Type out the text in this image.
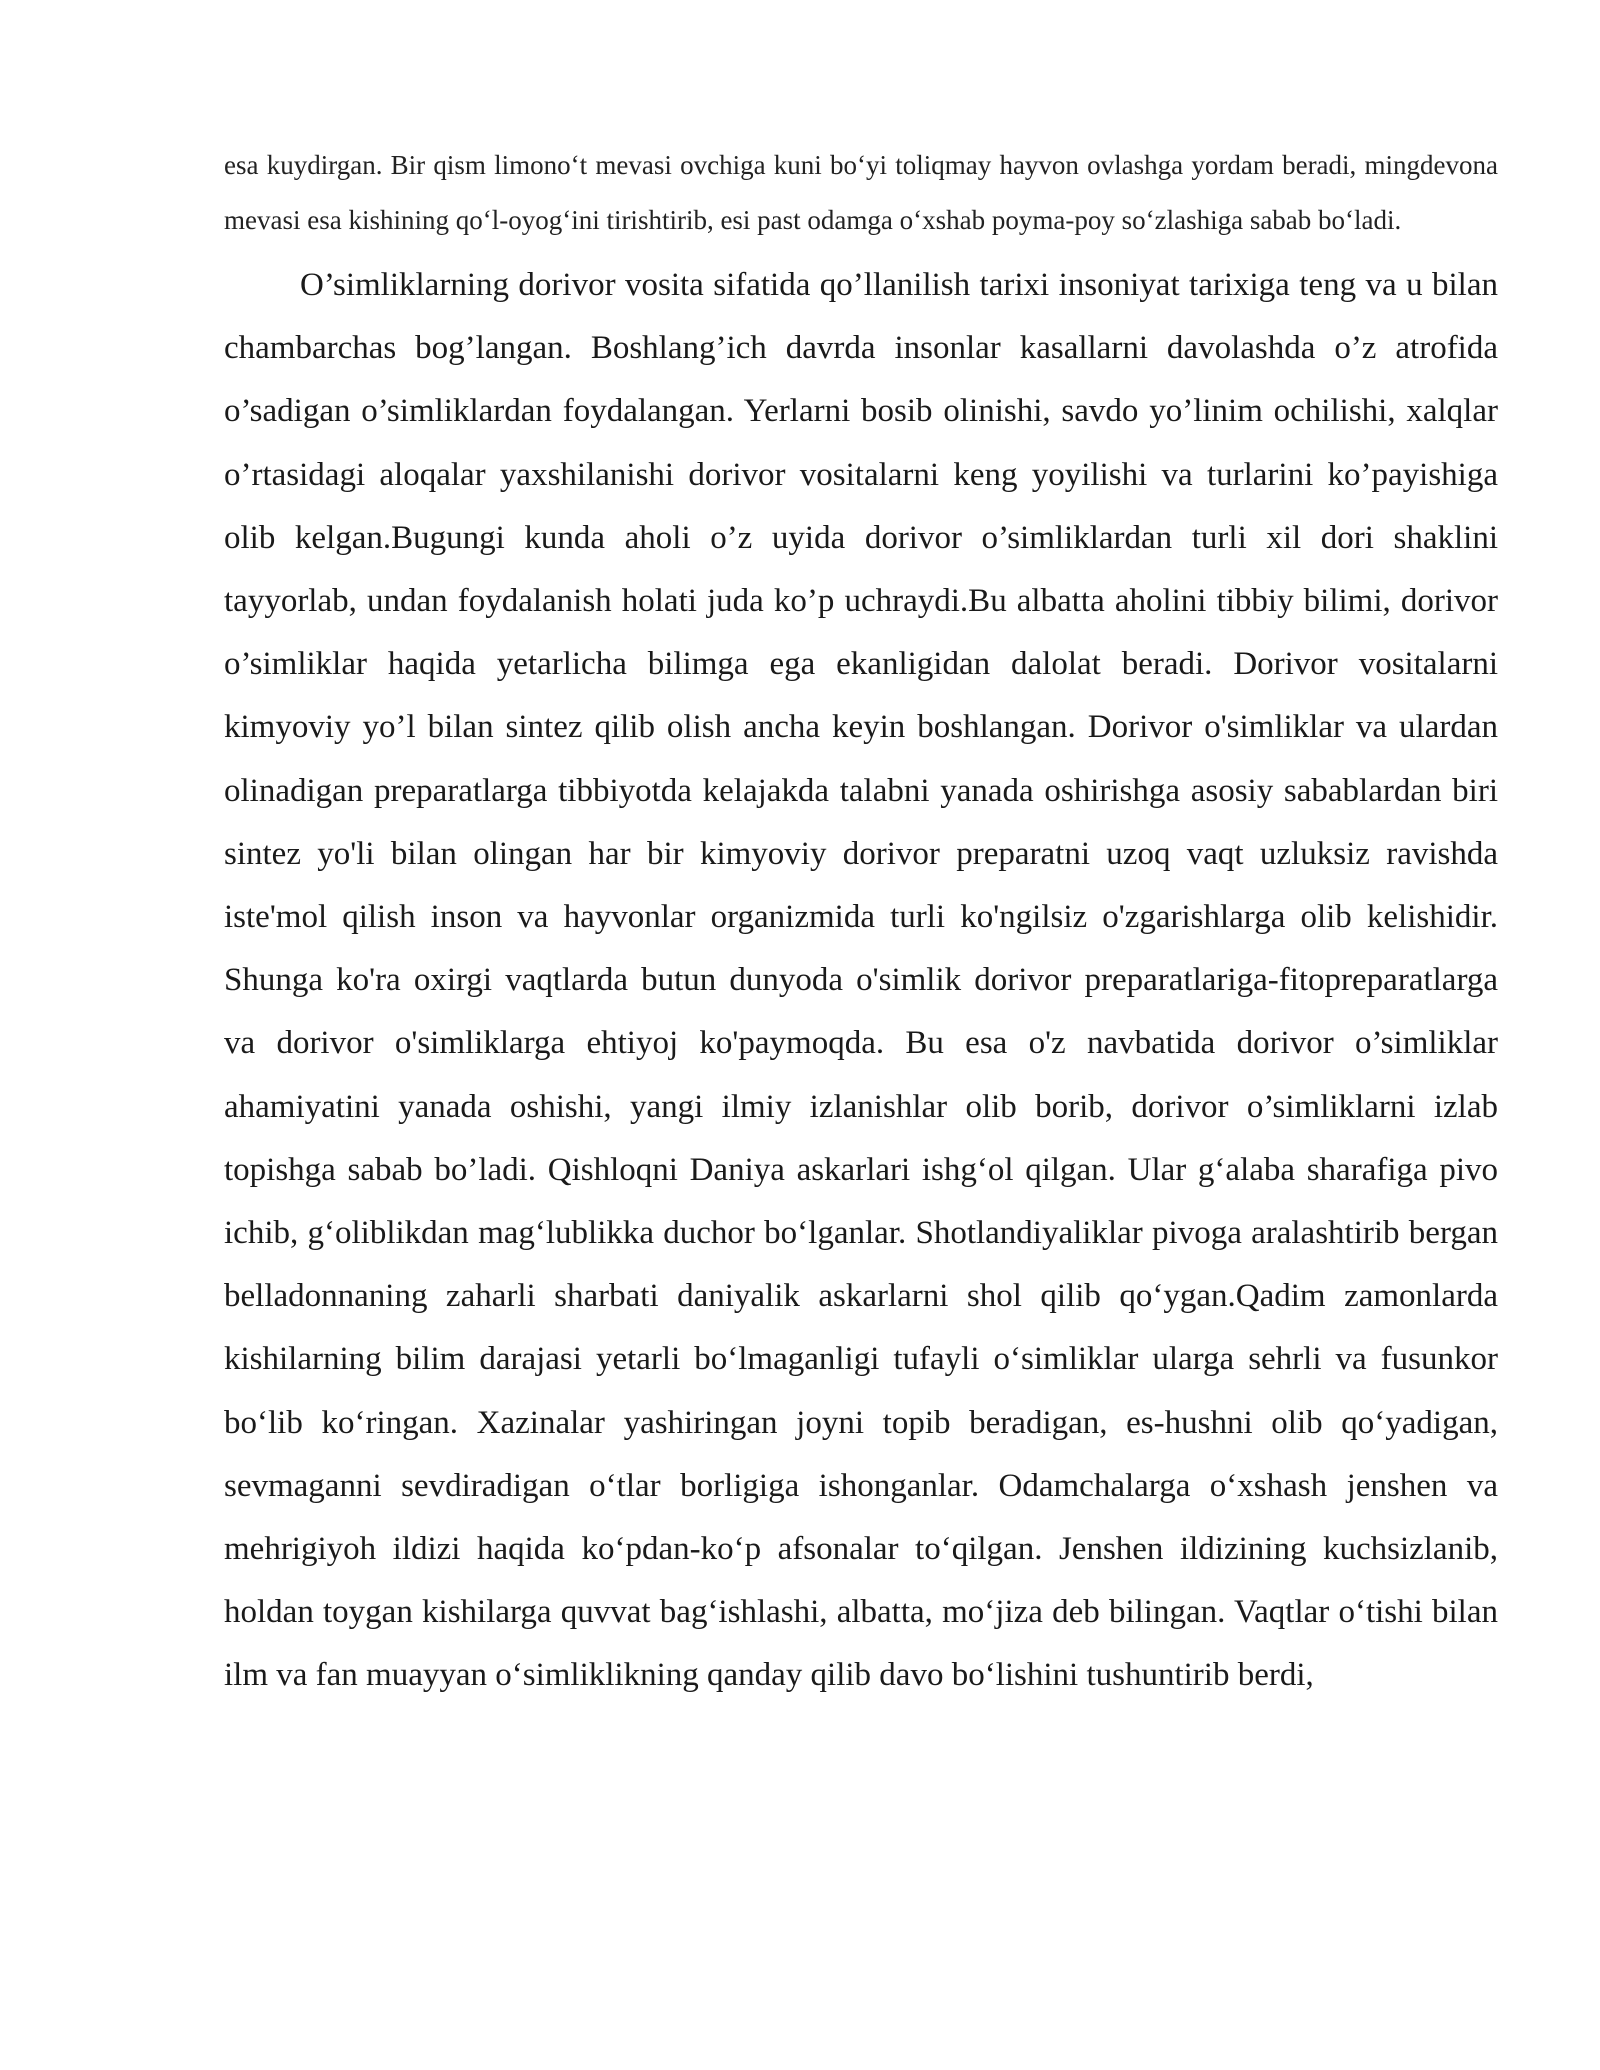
esa kuydirgan. Bir qism limono‘t mevasi ovchiga kuni bo‘yi toliqmay hayvon ovlashga yordam beradi, mingdevona mevasi esa kishining qo‘l-oyog‘ini tirishtirib, esi past odamga o‘xshab poyma-poy so‘zlashiga sabab bo‘ladi.

O’simliklarning dorivor vosita sifatida qo’llanilish tarixi insoniyat tarixiga teng va u bilan chambarchas bog’langan. Boshlang’ich davrda insonlar kasallarni davolashda o’z atrofida o’sadigan o’simliklardan foydalangan. Yerlarni bosib olinishi, savdo yo’linim ochilishi, xalqlar o’rtasidagi aloqalar yaxshilanishi dorivor vositalarni keng yoyilishi va turlarini ko’payishiga olib kelgan.Bugungi kunda aholi o’z uyida dorivor o’simliklardan turli xil dori shaklini tayyorlab, undan foydalanish holati juda ko’p uchraydi.Bu albatta aholini tibbiy bilimi, dorivor o’simliklar haqida yetarlicha bilimga ega ekanligidan dalolat beradi. Dorivor vositalarni kimyoviy yo’l bilan sintez qilib olish ancha keyin boshlangan. Dorivor o'simliklar va ulardan olinadigan preparatlarga tibbiyotda kelajakda talabni yanada oshirishga asosiy sabablardan biri sintez yo'li bilan olingan har bir kimyoviy dorivor preparatni uzoq vaqt uzluksiz ravishda iste'mol qilish inson va hayvonlar organizmida turli ko'ngilsiz o'zgarishlarga olib kelishidir. Shunga ko'ra oxirgi vaqtlarda butun dunyoda o'simlik dorivor preparatlariga-fitopreparatlarga va dorivor o'simliklarga ehtiyoj ko'paymoqda. Bu esa o'z navbatida dorivor o’simliklar ahamiyatini yanada oshishi, yangi ilmiy izlanishlar olib borib, dorivor o’simliklarni izlab topishga sabab bo’ladi. Qishloqni Daniya askarlari ishg‘ol qilgan. Ular g‘alaba sharafiga pivo ichib, g‘oliblikdan mag‘lublikka duchor bo‘lganlar. Shotlandiyaliklar pivoga aralashtirib bergan belladonnaning zaharli sharbati daniyalik askarlarni shol qilib qo‘ygan.Qadim zamonlarda kishilarning bilim darajasi yetarli bo‘lmaganligi tufayli o‘simliklar ularga sehrli va fusunkor bo‘lib ko‘ringan. Xazinalar yashiringan joyni topib beradigan, es-hushni olib qo‘yadigan, sevmaganni sevdiradigan o‘tlar borligiga ishonganlar. Odamchalarga o‘xshash jenshen va mehrigiyoh ildizi haqida ko‘pdan-ko‘p afsonalar to‘qilgan. Jenshen ildizining kuchsizlanib, holdan toygan kishilarga quvvat bag‘ishlashi, albatta, mo‘jiza deb bilingan. Vaqtlar o‘tishi bilan ilm va fan muayyan o‘simliklikning qanday qilib davo bo‘lishini tushuntirib berdi,
